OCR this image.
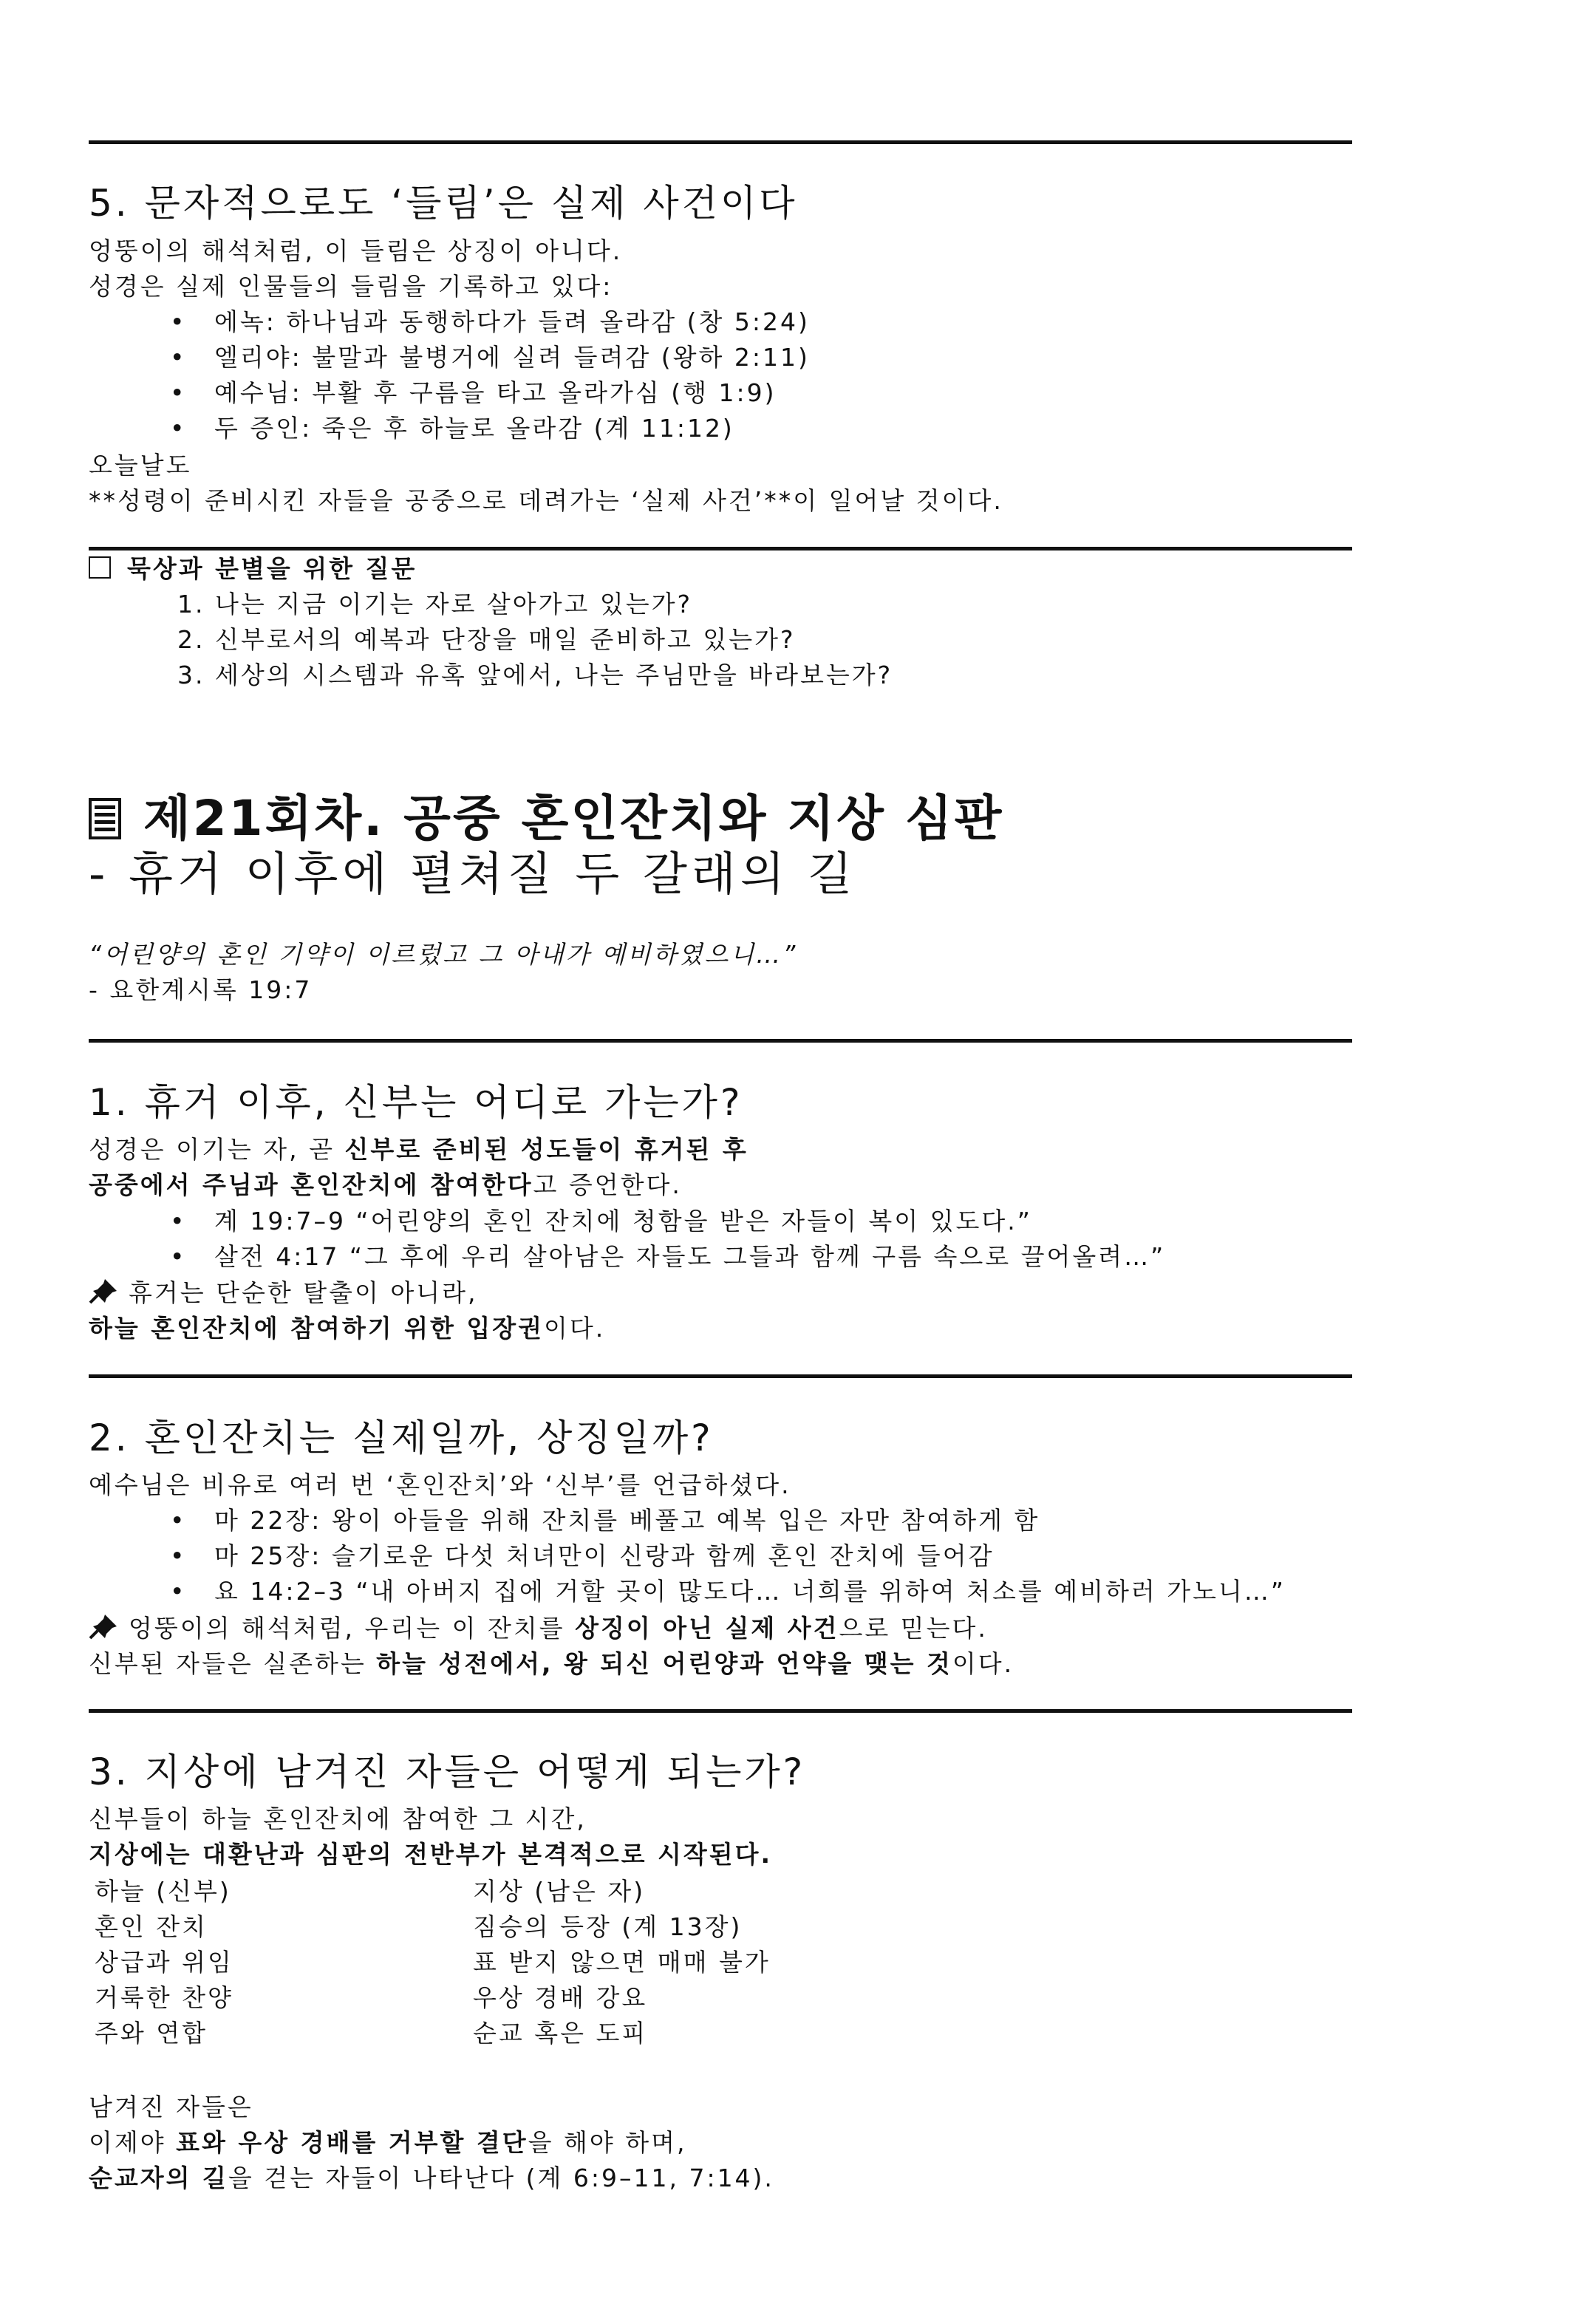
5. 문자적으로도 ‘들림’은 실제 사건이다
엉뚱이의 해석처럼, 이 들림은 상징이 아니다.
성경은 실제 인물들의 들림을 기록하고 있다:
• 에녹: 하나님과 동행하다가 들려 올라감 (창 5:24)
• 엘리야: 불말과 불병거에 실려 들려감 (왕하 2:11)
• 예수님: 부활 후 구름을 타고 올라가심 (행 1:9)
• 두 증인: 죽은 후 하늘로 올라감 (계 11:12)
오늘날도
**성령이 준비시킨 자들을 공중으로 데려가는 ‘실제 사건’**이 일어날 것이다.
묵상과 분별을 위한 질문
1. 나는 지금 이기는 자로 살아가고 있는가?
2. 신부로서의 예복과 단장을 매일 준비하고 있는가?
3. 세상의 시스템과 유혹 앞에서, 나는 주님만을 바라보는가?
제21회차. 공중 혼인잔치와 지상 심판
- 휴거 이후에 펼쳐질 두 갈래의 길
“어린양의 혼인 기약이 이르렀고 그 아내가 예비하였으니…”
- 요한계시록 19:7
1. 휴거 이후, 신부는 어디로 가는가?
성경은 이기는 자, 곧 신부로 준비된 성도들이 휴거된 후
공중에서 주님과 혼인잔치에 참여한다고 증언한다.
• 계 19:7–9 “어린양의 혼인 잔치에 청함을 받은 자들이 복이 있도다.”
• 살전 4:17 “그 후에 우리 살아남은 자들도 그들과 함께 구름 속으로 끌어올려…”
휴거는 단순한 탈출이 아니라,
하늘 혼인잔치에 참여하기 위한 입장권이다.
2. 혼인잔치는 실제일까, 상징일까?
예수님은 비유로 여러 번 ‘혼인잔치’와 ‘신부’를 언급하셨다.
• 마 22장: 왕이 아들을 위해 잔치를 베풀고 예복 입은 자만 참여하게 함
• 마 25장: 슬기로운 다섯 처녀만이 신랑과 함께 혼인 잔치에 들어감
• 요 14:2–3 “내 아버지 집에 거할 곳이 많도다… 너희를 위하여 처소를 예비하러 가노니…”
엉뚱이의 해석처럼, 우리는 이 잔치를 상징이 아닌 실제 사건으로 믿는다.
신부된 자들은 실존하는 하늘 성전에서, 왕 되신 어린양과 언약을 맺는 것이다.
3. 지상에 남겨진 자들은 어떻게 되는가?
신부들이 하늘 혼인잔치에 참여한 그 시간,
지상에는 대환난과 심판의 전반부가 본격적으로 시작된다.
하늘 (신부)	지상 (남은 자)
혼인 잔치	짐승의 등장 (계 13장)
상급과 위임	표 받지 않으면 매매 불가
거룩한 찬양	우상 경배 강요
주와 연합	순교 혹은 도피
남겨진 자들은
이제야 표와 우상 경배를 거부할 결단을 해야 하며,
순교자의 길을 걷는 자들이 나타난다 (계 6:9–11, 7:14).
